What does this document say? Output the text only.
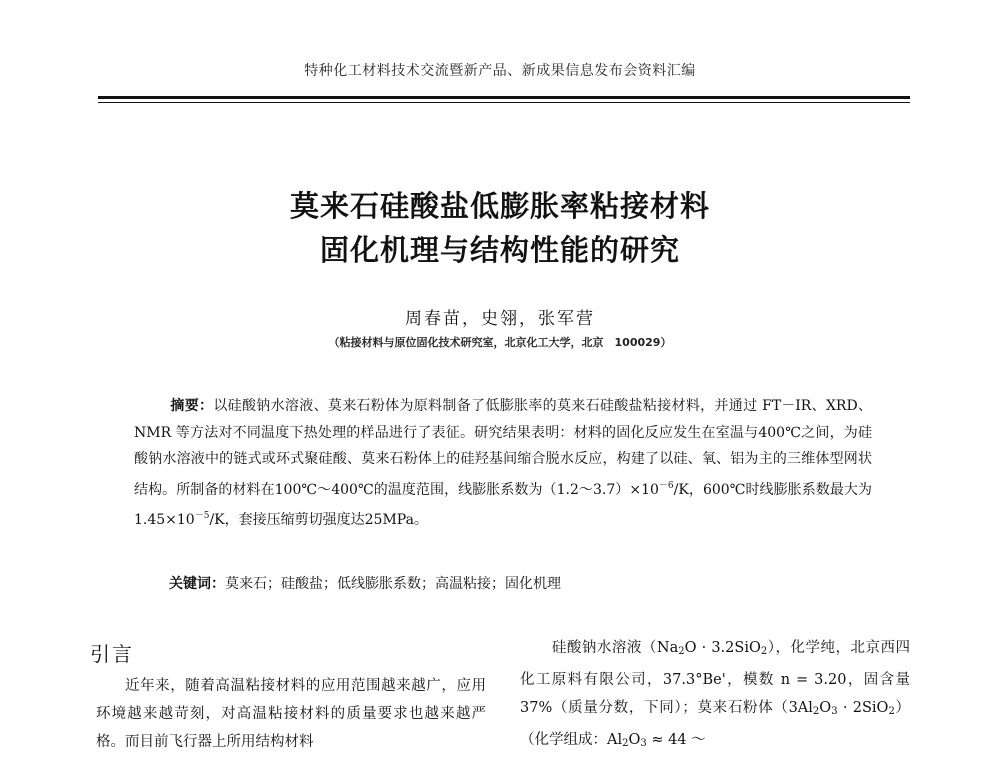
特种化工材料技术交流暨新产品、新成果信息发布会资料汇编
莫来石硅酸盐低膨胀率粘接材料
固化机理与结构性能的研究
周春苗，史翎，张军营
（粘接材料与原位固化技术研究室，北京化工大学，北京　100029）
摘要：以硅酸钠水溶液、莫来石粉体为原料制备了低膨胀率的莫来石硅酸盐粘接材料，并通过 FT－IR、XRD、NMR 等方法对不同温度下热处理的样品进行了表征。研究结果表明：材料的固化反应发生在室温与400℃之间，为硅酸钠水溶液中的链式或环式聚硅酸、莫来石粉体上的硅羟基间缩合脱水反应，构建了以硅、氧、铝为主的三维体型网状结构。所制备的材料在100℃～400℃的温度范围，线膨胀系数为$(1.2\sim 3.7)\times 10^{-6}/K$，600℃时线膨胀系数最大为$1.45\times 10^{-5}/K$，套接压缩剪切强度达25MPa。
关键词：莫来石；硅酸盐；低线膨胀系数；高温粘接；固化机理
引言
近年来，随着高温粘接材料的应用范围越来越广，应用环境越来越苛刻，对高温粘接材料的质量要求也越来越严格。而目前飞行器上所用结构材料
硅酸钠水溶液$(Na_2O \cdot 3.2SiO_2)$，化学纯，北京西四化工原料有限公司，37.3°Be'，模数 n = 3.20，固含量37%（质量分数，下同）；莫来石粉体$(3Al_2O_3 \cdot 2SiO_2)$（化学组成：$Al_2O_3 \approx 44$ ～
